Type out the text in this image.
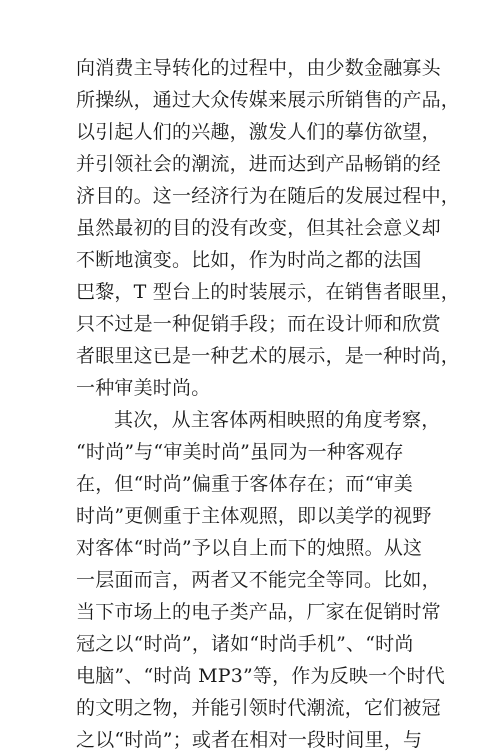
向消费主导转化的过程中，由少数金融寡头
所操纵，通过大众传媒来展示所销售的产品，
以引起人们的兴趣，激发人们的摹仿欲望，
并引领社会的潮流，进而达到产品畅销的经
济目的。这一经济行为在随后的发展过程中，
虽然最初的目的没有改变，但其社会意义却
不断地演变。比如，作为时尚之都的法国
巴黎，T 型台上的时装展示，在销售者眼里，
只不过是一种促销手段；而在设计师和欣赏
者眼里这已是一种艺术的展示，是一种时尚，
一种审美时尚。
其次，从主客体两相映照的角度考察，
“时尚”与“审美时尚”虽同为一种客观存
在，但“时尚”偏重于客体存在；而“审美
时尚”更侧重于主体观照，即以美学的视野
对客体“时尚”予以自上而下的烛照。从这
一层面而言，两者又不能完全等同。比如，
当下市场上的电子类产品，厂家在促销时常
冠之以“时尚”，诸如“时尚手机”、“时尚
电脑”、“时尚 MP3”等，作为反映一个时代
的文明之物，并能引领时代潮流，它们被冠
之以“时尚”；或者在相对一段时间里，与
